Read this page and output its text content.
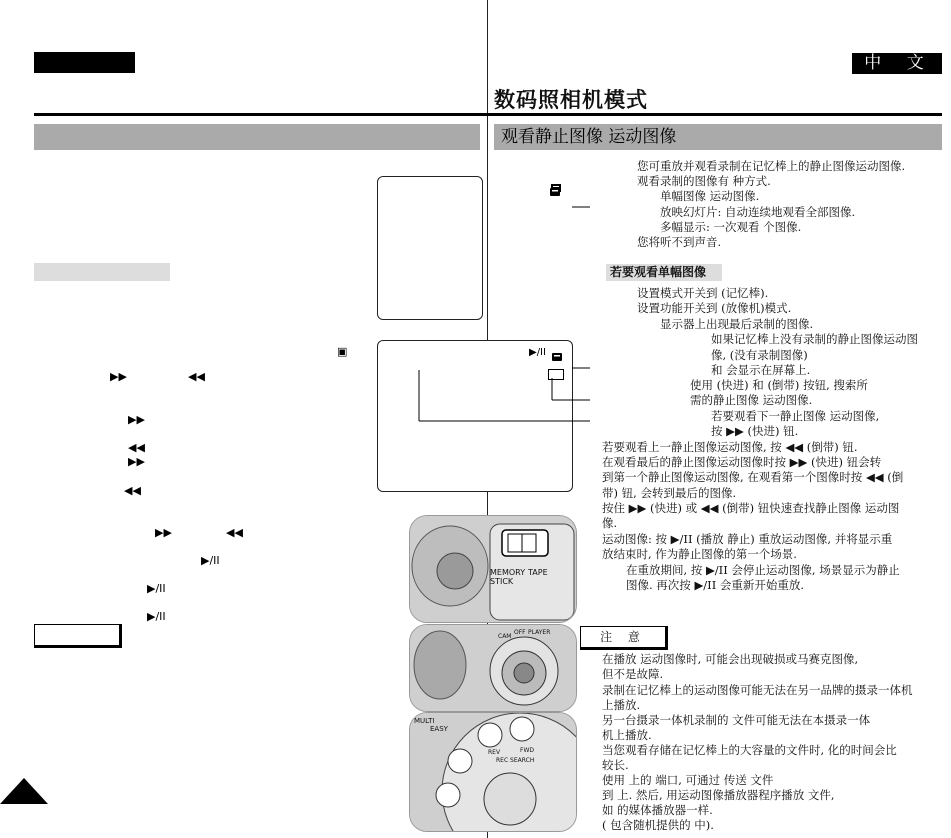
中 文
数码照相机模式
观看静止图像 运动图像
▶/II
▣
▶▶	◀◀
▶▶
◀◀
▶▶
◀◀
▶▶	◀◀
▶/II
▶/II
▶/II
MEMORY
STICK
TAPE
CAM
OFF PLAYER
MULTI
EASY
REV	FWD
REC SEARCH
您可重放并观看录制在记忆棒上的静止图像运动图像.
观看录制的图像有 种方式.
单幅图像 运动图像.
放映幻灯片: 自动连续地观看全部图像.
多幅显示: 一次观看 个图像.
您将听不到声音.
若要观看单幅图像
设置模式开关到 (记忆棒).
设置功能开关到 (放像机)模式.
显示器上出现最后录制的图像.
如果记忆棒上没有录制的静止图像运动图
像, (没有录制图像)
和 会显示在屏幕上.
使用 (快进) 和 (倒带) 按钮, 搜索所
需的静止图像 运动图像.
若要观看下一静止图像 运动图像,
按 ▶▶ (快进) 钮.
若要观看上一静止图像运动图像, 按 ◀◀ (倒带) 钮.
在观看最后的静止图像运动图像时按 ▶▶ (快进) 钮会转
到第一个静止图像运动图像, 在观看第一个图像时按 ◀◀ (倒
带) 钮, 会转到最后的图像.
按住 ▶▶ (快进) 或 ◀◀ (倒带) 钮快速查找静止图像 运动图
像.
运动图像: 按 ▶/II (播放 静止) 重放运动图像, 并将显示重
放结束时, 作为静止图像的第一个场景.
在重放期间, 按 ▶/II 会停止运动图像, 场景显示为静止
图像. 再次按 ▶/II 会重新开始重放.
注 意
在播放 运动图像时, 可能会出现破损或马赛克图像,
但不是故障.
录制在记忆棒上的运动图像可能无法在另一品牌的摄录一体机
上播放.
另一台摄录一体机录制的 文件可能无法在本摄录一体
机上播放.
当您观看存储在记忆棒上的大容量的文件时, 化的时间会比
较长.
使用 上的 端口, 可通过 传送 文件
到 上. 然后, 用运动图像播放器程序播放 文件,
如 的媒体播放器一样.
( 包含随机提供的 中).
